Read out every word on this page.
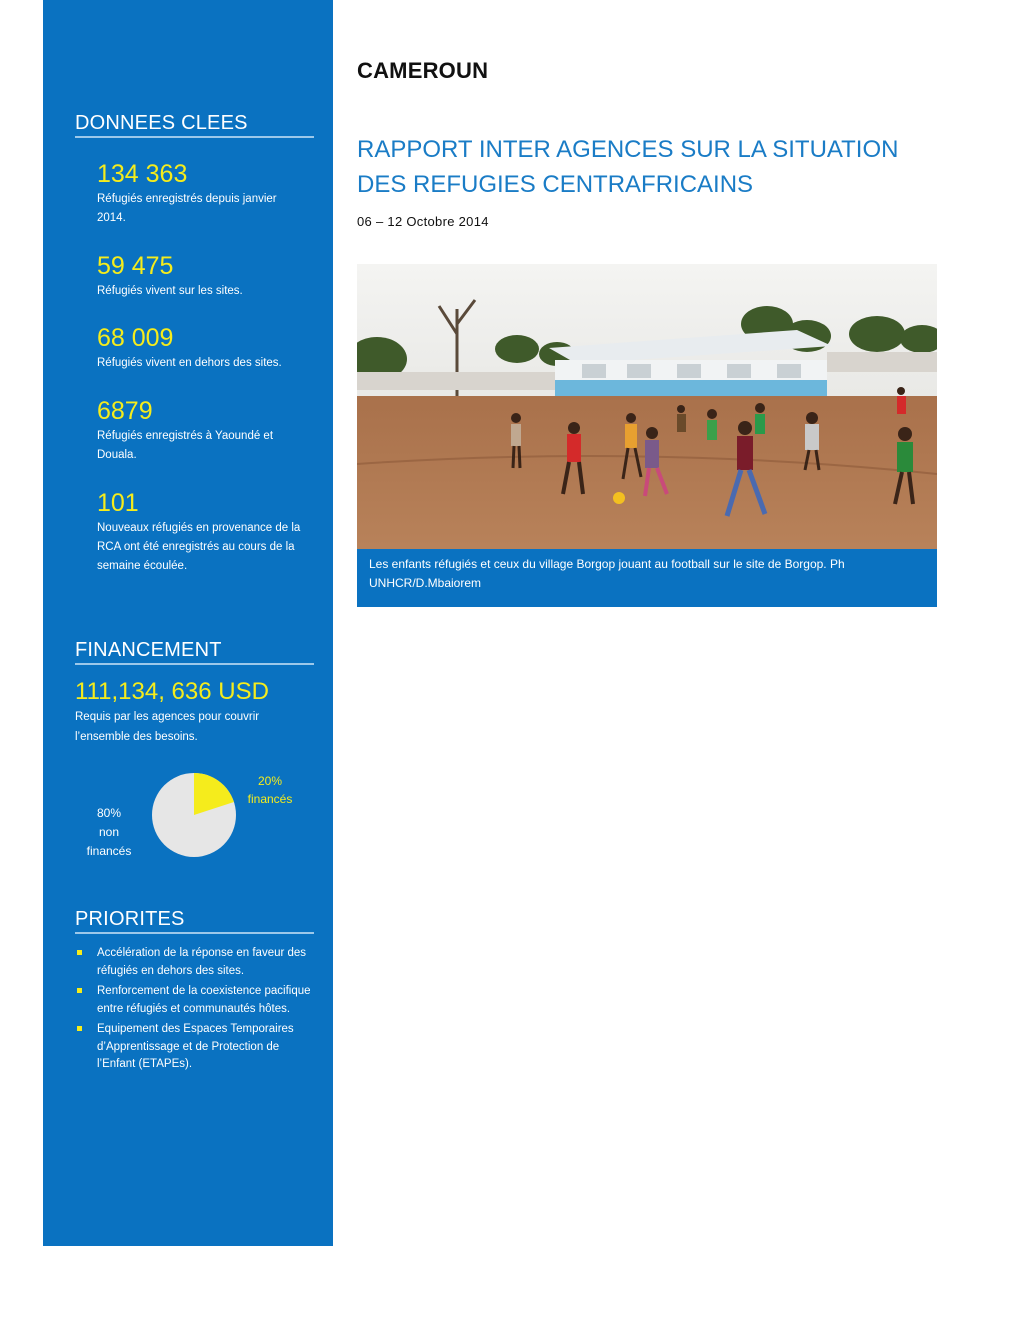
DONNEES CLEES
134 363
Réfugiés enregistrés depuis janvier 2014.
59 475
Réfugiés vivent sur les sites.
68 009
Réfugiés vivent en dehors des sites.
6879
Réfugiés enregistrés à Yaoundé et Douala.
101
Nouveaux réfugiés en provenance de la RCA ont été enregistrés au cours de la semaine écoulée.
FINANCEMENT
111,134, 636 USD
Requis par les agences pour couvrir l’ensemble des besoins.
20%
financés
80%
non
financés
PRIORITES
Accélération de la réponse en faveur des réfugiés en dehors des sites.
Renforcement de la coexistence pacifique entre réfugiés et communautés hôtes.
Equipement des Espaces Temporaires d’Apprentissage et de Protection de l’Enfant (ETAPEs).
CAMEROUN
RAPPORT INTER AGENCES SUR LA SITUATION
DES REFUGIES CENTRAFRICAINS
06 – 12 Octobre 2014
Les enfants réfugiés et ceux du village Borgop jouant au football sur le site de Borgop. Ph UNHCR/D.Mbaiorem
